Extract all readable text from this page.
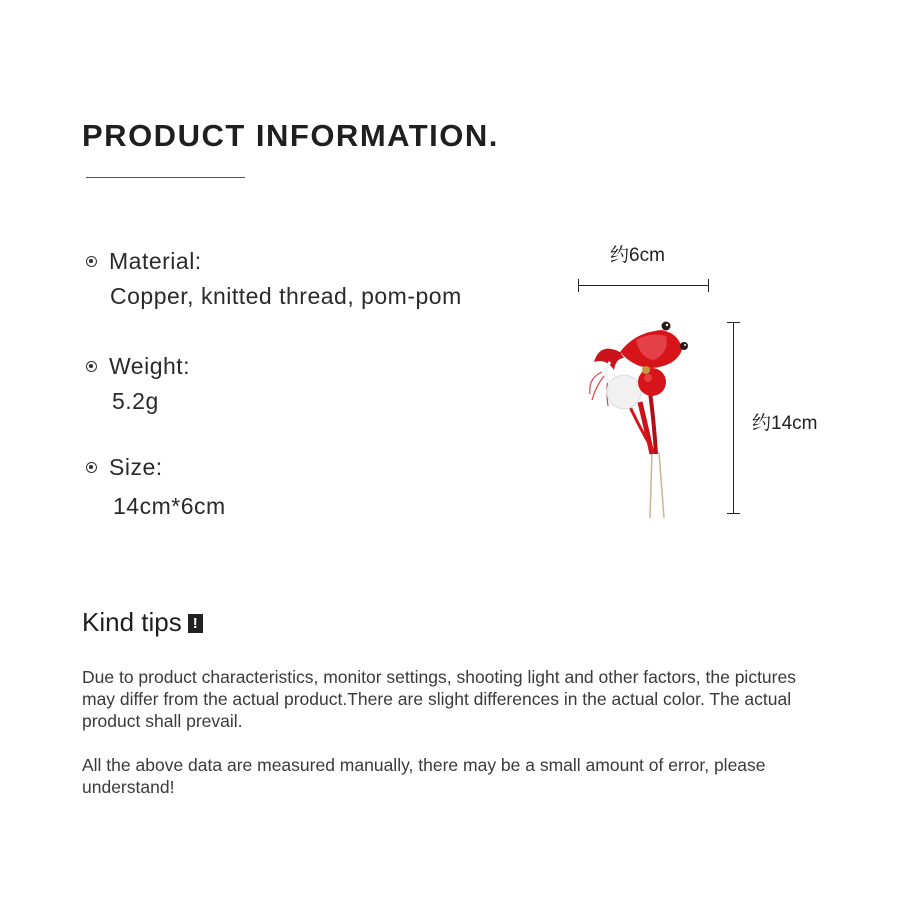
PRODUCT INFORMATION.
Material:
Copper, knitted thread, pom-pom
Weight:
5.2g
Size:
14cm*6cm
约6cm
约14cm
Kind tips !

Due to product characteristics, monitor settings, shooting light and other factors, the pictures may differ from the actual product.There are slight differences in the actual color. The actual product shall prevail.

All the above data are measured manually, there may be a small amount of error, please understand!
